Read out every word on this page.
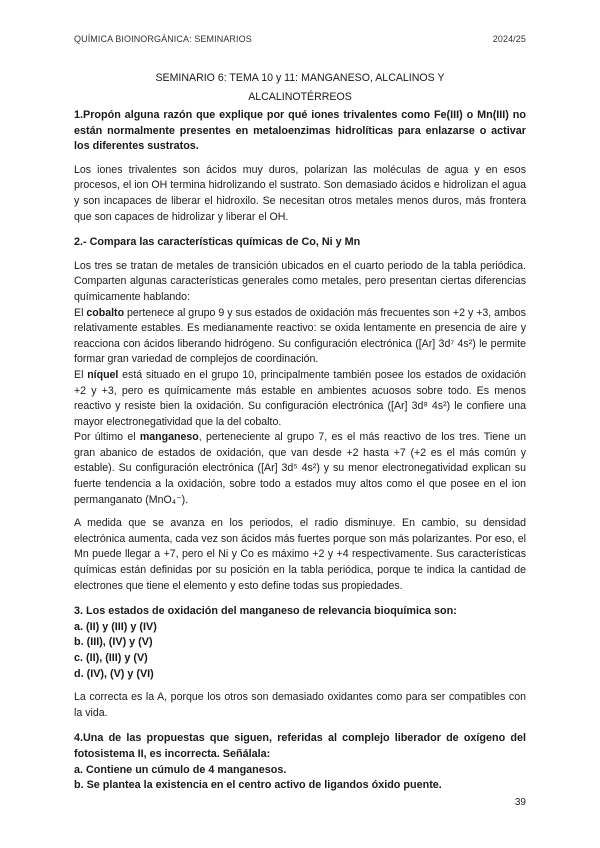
QUÍMICA BIOINORGÁNICA: SEMINARIOS	2024/25
SEMINARIO 6: TEMA 10 y 11: MANGANESO, ALCALINOS Y
ALCALINOTÉRREOS

1.Propón alguna razón que explique por qué iones trivalentes como Fe(III) o Mn(III) no están normalmente presentes en metaloenzimas hidrolíticas para enlazarse o activar los diferentes sustratos.

Los iones trivalentes son ácidos muy duros, polarizan las moléculas de agua y en esos procesos, el ion OH termina hidrolizando el sustrato. Son demasiado ácidos e hidrolizan el agua y son incapaces de liberar el hidroxilo. Se necesitan otros metales menos duros, más frontera que son capaces de hidrolizar y liberar el OH.

2.- Compara las características químicas de Co, Ni y Mn

Los tres se tratan de metales de transición ubicados en el cuarto periodo de la tabla periódica. Comparten algunas características generales como metales, pero presentan ciertas diferencias químicamente hablando:

El cobalto pertenece al grupo 9 y sus estados de oxidación más frecuentes son +2 y +3, ambos relativamente estables. Es medianamente reactivo: se oxida lentamente en presencia de aire y reacciona con ácidos liberando hidrógeno. Su configuración electrónica ([Ar] 3d⁷ 4s²) le permite formar gran variedad de complejos de coordinación.

El níquel está situado en el grupo 10, principalmente también posee los estados de oxidación +2 y +3, pero es químicamente más estable en ambientes acuosos sobre todo. Es menos reactivo y resiste bien la oxidación. Su configuración electrónica ([Ar] 3d⁸ 4s²) le confiere una mayor electronegatividad que la del cobalto.

Por último el manganeso, perteneciente al grupo 7, es el más reactivo de los tres. Tiene un gran abanico de estados de oxidación, que van desde +2 hasta +7 (+2 es el más común y estable). Su configuración electrónica ([Ar] 3d⁵ 4s²) y su menor electronegatividad explican su fuerte tendencia a la oxidación, sobre todo a estados muy altos como el que posee en el ion permanganato (MnO₄⁻).

A medida que se avanza en los periodos, el radio disminuye. En cambio, su densidad electrónica aumenta, cada vez son ácidos más fuertes porque son más polarizantes. Por eso, el Mn puede llegar a +7, pero el Ni y Co es máximo +2 y +4 respectivamente. Sus características químicas están definidas por su posición en la tabla periódica, porque te indica la cantidad de electrones que tiene el elemento y esto define todas sus propiedades.

3. Los estados de oxidación del manganeso de relevancia bioquímica son:

a. (II) y (III) y (IV)

b. (III), (IV) y (V)

c. (II), (III) y (V)

d. (IV), (V) y (VI)

La correcta es la A, porque los otros son demasiado oxidantes como para ser compatibles con la vida.

4.Una de las propuestas que siguen, referidas al complejo liberador de oxígeno del fotosistema II, es incorrecta. Señálala:

a. Contiene un cúmulo de 4 manganesos.

b. Se plantea la existencia en el centro activo de ligandos óxido puente.

39
